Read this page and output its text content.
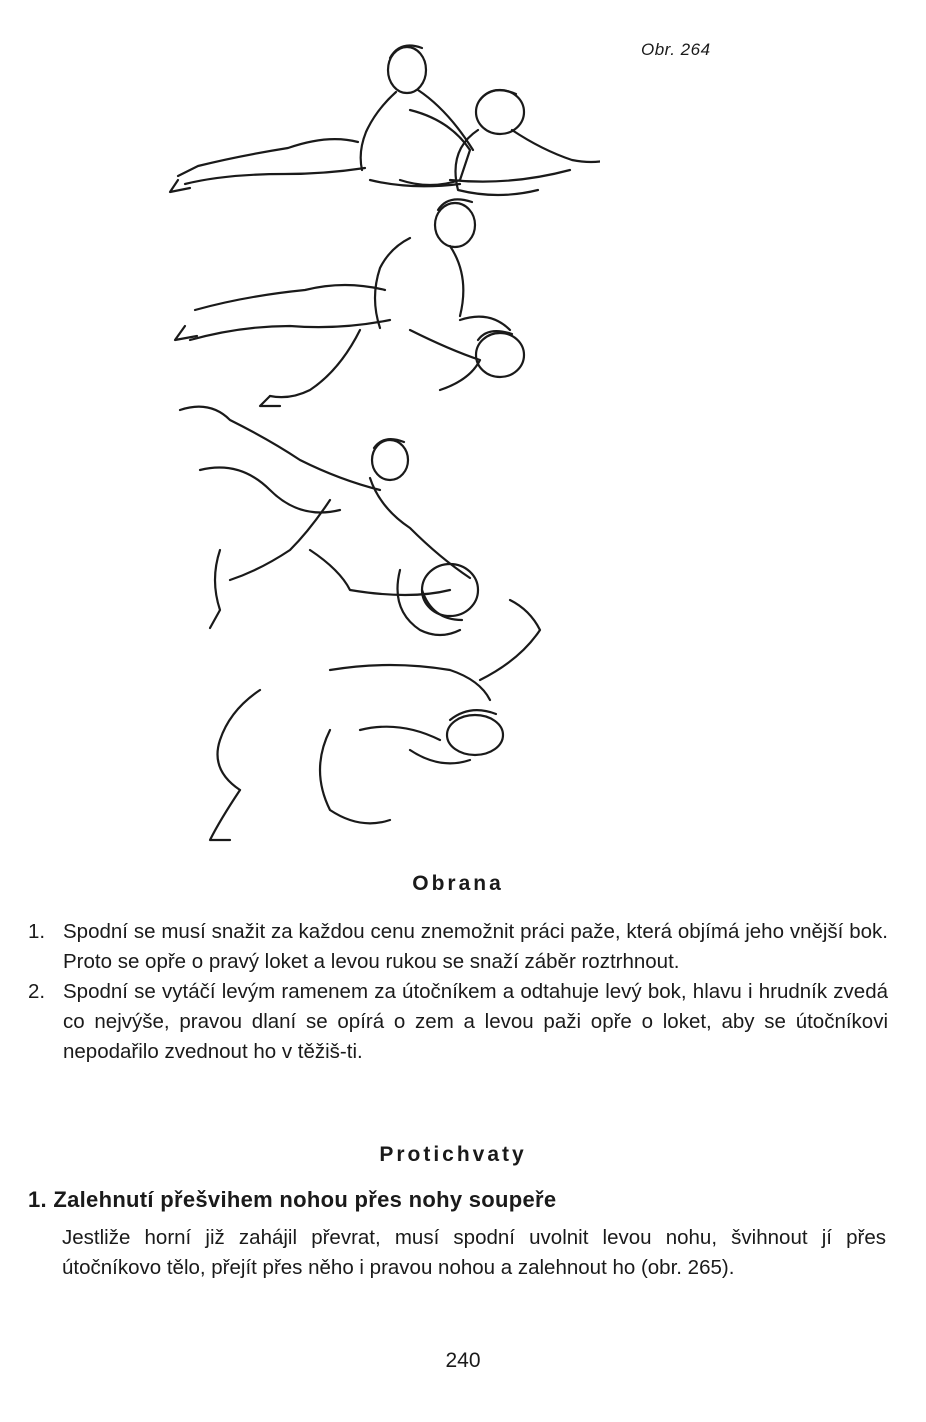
Obr. 264
Obrana
1. Spodní se musí snažit za každou cenu znemožnit práci paže, která objímá jeho vnější bok. Proto se opře o pravý loket a levou rukou se snaží záběr roztrhnout.
2. Spodní se vytáčí levým ramenem za útočníkem a odtahuje levý bok, hlavu i hrudník zvedá co nejvýše, pravou dlaní se opírá o zem a levou paži opře o loket, aby se útočníkovi nepodařilo zvednout ho v těžiš-ti.
Protichvaty
1. Zalehnutí přešvihem nohou přes nohy soupeře
Jestliže horní již zahájil převrat, musí spodní uvolnit levou nohu, švihnout jí přes útočníkovo tělo, přejít přes něho i pravou nohou a zalehnout ho (obr. 265).
240
